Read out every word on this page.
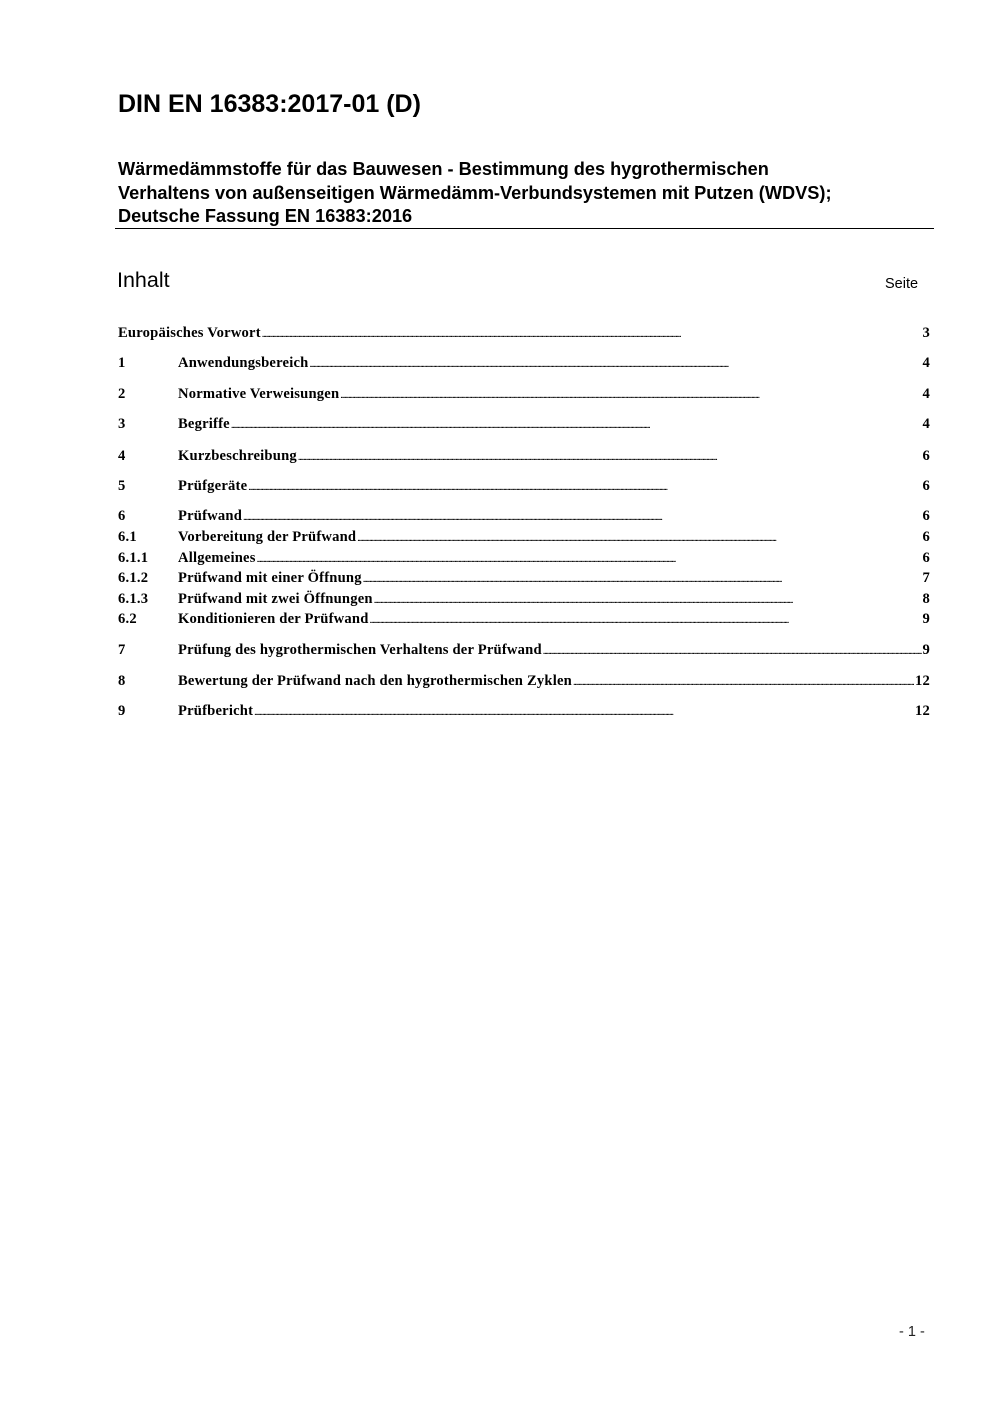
DIN EN 16383:2017-01 (D)
Wärmedämmstoffe für das Bauwesen - Bestimmung des hygrothermischen
Verhaltens von außenseitigen Wärmedämm-Verbundsystemen mit Putzen (WDVS);
Deutsche Fassung EN 16383:2016
Inhalt	Seite
Europäisches Vorwort .....	3
1	Anwendungsbereich .....	4
2	Normative Verweisungen .....	4
3	Begriffe .....	4
4	Kurzbeschreibung .....	6
5	Prüfgeräte .....	6
6	Prüfwand .....	6
6.1	Vorbereitung der Prüfwand .....	6
6.1.1	Allgemeines .....	6
6.1.2	Prüfwand mit einer Öffnung .....	7
6.1.3	Prüfwand mit zwei Öffnungen .....	8
6.2	Konditionieren der Prüfwand .....	9
7	Prüfung des hygrothermischen Verhaltens der Prüfwand .....	9
8	Bewertung der Prüfwand nach den hygrothermischen Zyklen .....	12
9	Prüfbericht .....	12
- 1 -
